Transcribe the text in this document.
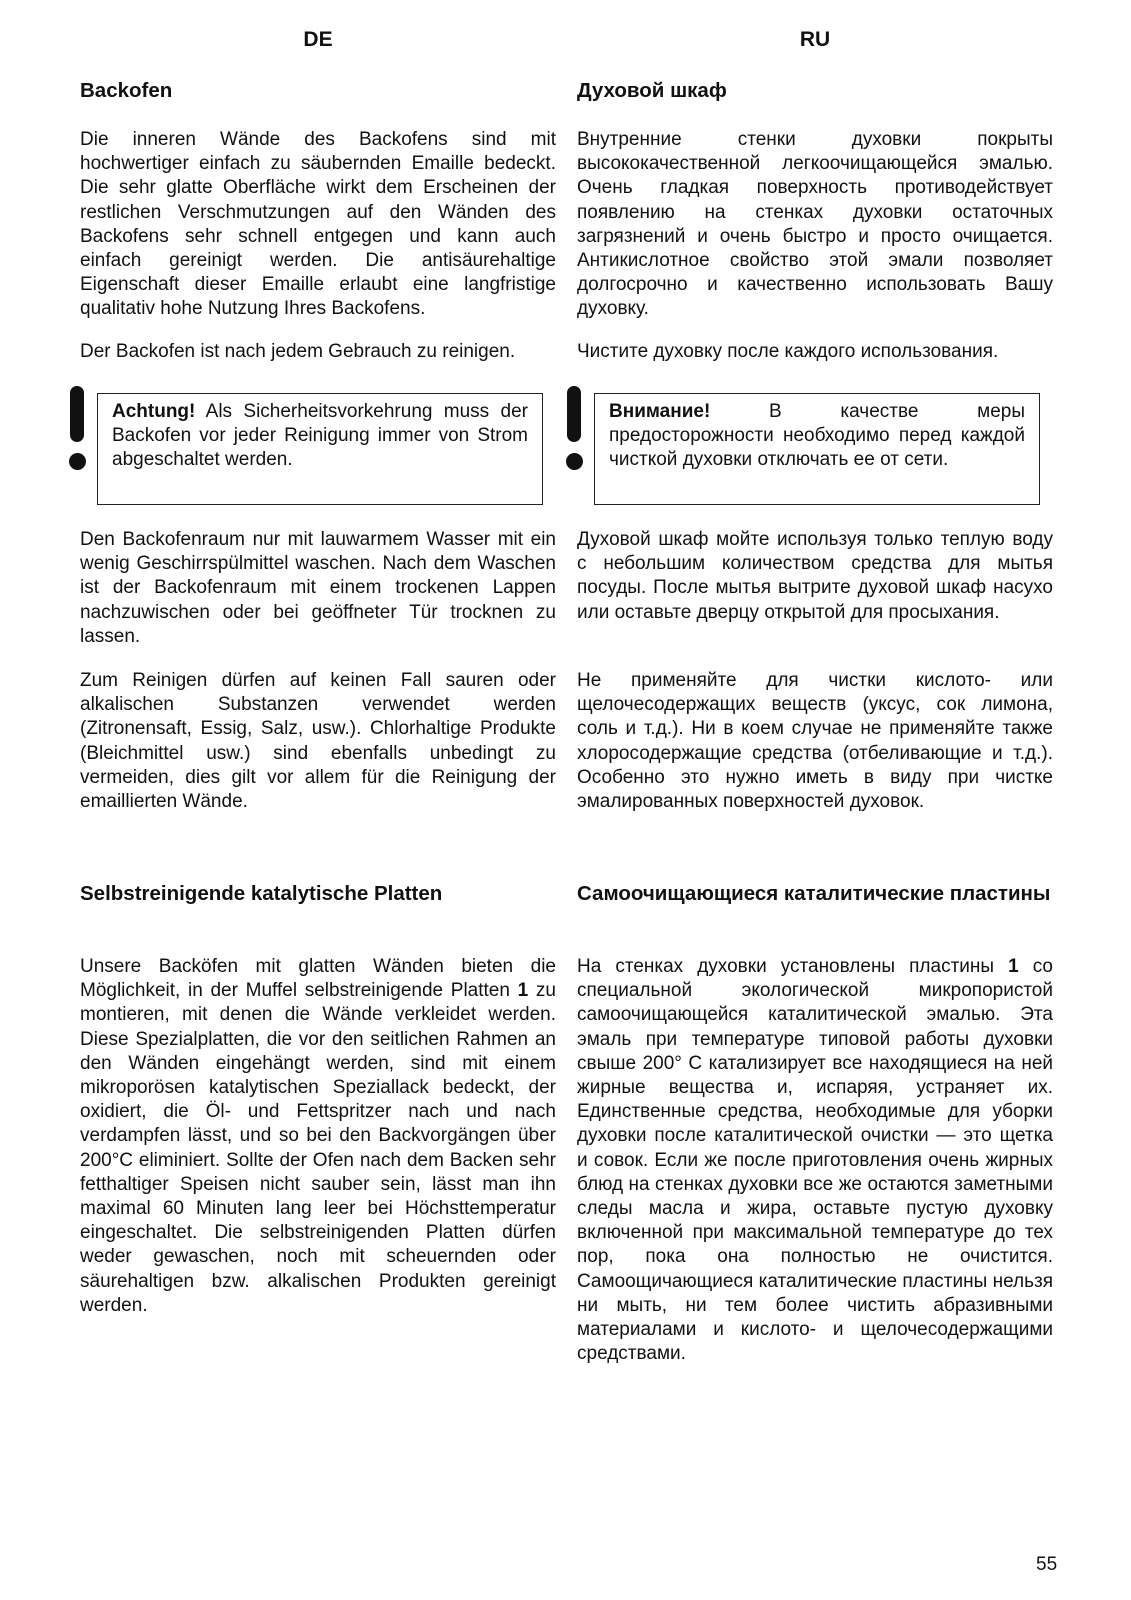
DE
Backofen

Die inneren Wände des Backofens sind mit hochwertiger einfach zu säubernden Emaille bedeckt. Die sehr glatte Oberfläche wirkt dem Erscheinen der restlichen Verschmutzungen auf den Wänden des Backofens sehr schnell entgegen und kann auch einfach gereinigt werden. Die antisäurehaltige Eigenschaft dieser Emaille erlaubt eine langfristige qualitativ hohe Nutzung Ihres Backofens.

Der Backofen ist nach jedem Gebrauch zu reinigen.

Achtung! Als Sicherheitsvorkehrung muss der Backofen vor jeder Reinigung immer von Strom abgeschaltet werden.

Den Backofenraum nur mit lauwarmem Wasser mit ein wenig Geschirrspülmittel waschen. Nach dem Waschen ist der Backofenraum mit einem trockenen Lappen nachzuwischen oder bei geöffneter Tür trocknen zu lassen.

Zum Reinigen dürfen auf keinen Fall sauren oder alkalischen Substanzen verwendet werden (Zitronensaft, Essig, Salz, usw.). Chlorhaltige Produkte (Bleichmittel usw.) sind ebenfalls unbedingt zu vermeiden, dies gilt vor allem für die Reinigung der emaillierten Wände.

Selbstreinigende katalytische Platten

Unsere Backöfen mit glatten Wänden bieten die Möglichkeit, in der Muffel selbstreinigende Platten 1 zu montieren, mit denen die Wände verkleidet werden. Diese Spezialplatten, die vor den seitlichen Rahmen an den Wänden eingehängt werden, sind mit einem mikroporösen katalytischen Speziallack bedeckt, der oxidiert, die Öl- und Fettspritzer nach und nach verdampfen lässt, und so bei den Backvorgängen über 200°C eliminiert. Sollte der Ofen nach dem Backen sehr fetthaltiger Speisen nicht sauber sein, lässt man ihn maximal 60 Minuten lang leer bei Höchsttemperatur eingeschaltet. Die selbstreinigenden Platten dürfen weder gewaschen, noch mit scheuernden oder säurehaltigen bzw. alkalischen Produkten gereinigt werden.

RU
Духовой шкаф

Внутренние стенки духовки покрыты высококачественной легкоочищающейся эмалью. Очень гладкая поверхность противодействует появлению на стенках духовки остаточных загрязнений и очень быстро и просто очищается. Антикислотное свойство этой эмали позволяет долгосрочно и качественно использовать Вашу духовку.

Чистите духовку после каждого использования.

Внимание! В качестве меры предосторожности необходимо перед каждой чисткой духовки отключать ее от сети.

Духовой шкаф мойте используя только теплую воду с небольшим количеством средства для мытья посуды. После мытья вытрите духовой шкаф насухо или оставьте дверцу открытой для просыхания.

Не применяйте для чистки кислото- или щелочесодержащих веществ (уксус, сок лимона, соль и т.д.). Ни в коем случае не применяйте также хлоросодержащие средства (отбеливающие и т.д.). Особенно это нужно иметь в виду при чистке эмалированных поверхностей духовок.

Самоочищающиеся каталитические пластины

На стенках духовки установлены пластины 1 со специальной экологической микропористой самоочищающейся каталитической эмалью. Эта эмаль при температуре типовой работы духовки свыше 200° С катализирует все находящиеся на ней жирные вещества и, испаряя, устраняет их. Единственные средства, необходимые для уборки духовки после каталитической очистки — это щетка и совок. Если же после приготовления очень жирных блюд на стенках духовки все же остаются заметными следы масла и жира, оставьте пустую духовку включенной при максимальной температуре до тех пор, пока она полностью не очистится. Самоощичающиеся каталитические пластины нельзя ни мыть, ни тем более чистить абразивными материалами и кислото- и щелочесодержащими средствами.

55
